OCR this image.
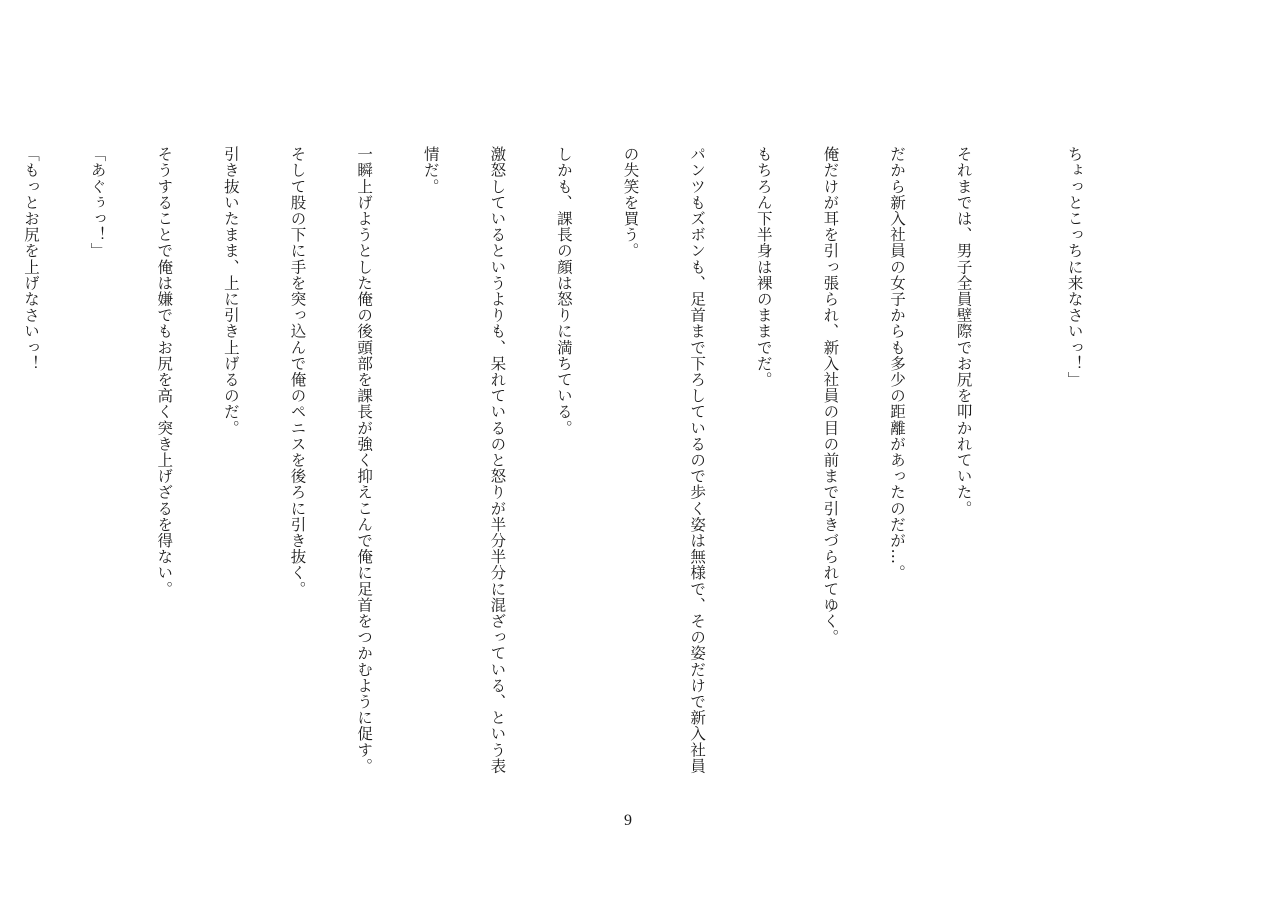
ちょっとこっちに来なさいっ！」

それまでは、男子全員壁際でお尻を叩かれていた。

だから新入社員の女子からも多少の距離があったのだが…。

俺だけが耳を引っ張られ、新入社員の目の前まで引きづられてゆく。

もちろん下半身は裸のままでだ。

パンツもズボンも、足首まで下ろしているので歩く姿は無様で、その姿だけで新入社員

の失笑を買う。

しかも、課長の顔は怒りに満ちている。

激怒しているというよりも、呆れているのと怒りが半分半分に混ざっている、という表

情だ。

一瞬上げようとした俺の後頭部を課長が強く抑えこんで俺に足首をつかむように促す。

そして股の下に手を突っ込んで俺のペニスを後ろに引き抜く。

引き抜いたまま、上に引き上げるのだ。

そうすることで俺は嫌でもお尻を高く突き上げざるを得ない。

「あぐぅっ！」

「もっとお尻を上げなさいっ！

9
